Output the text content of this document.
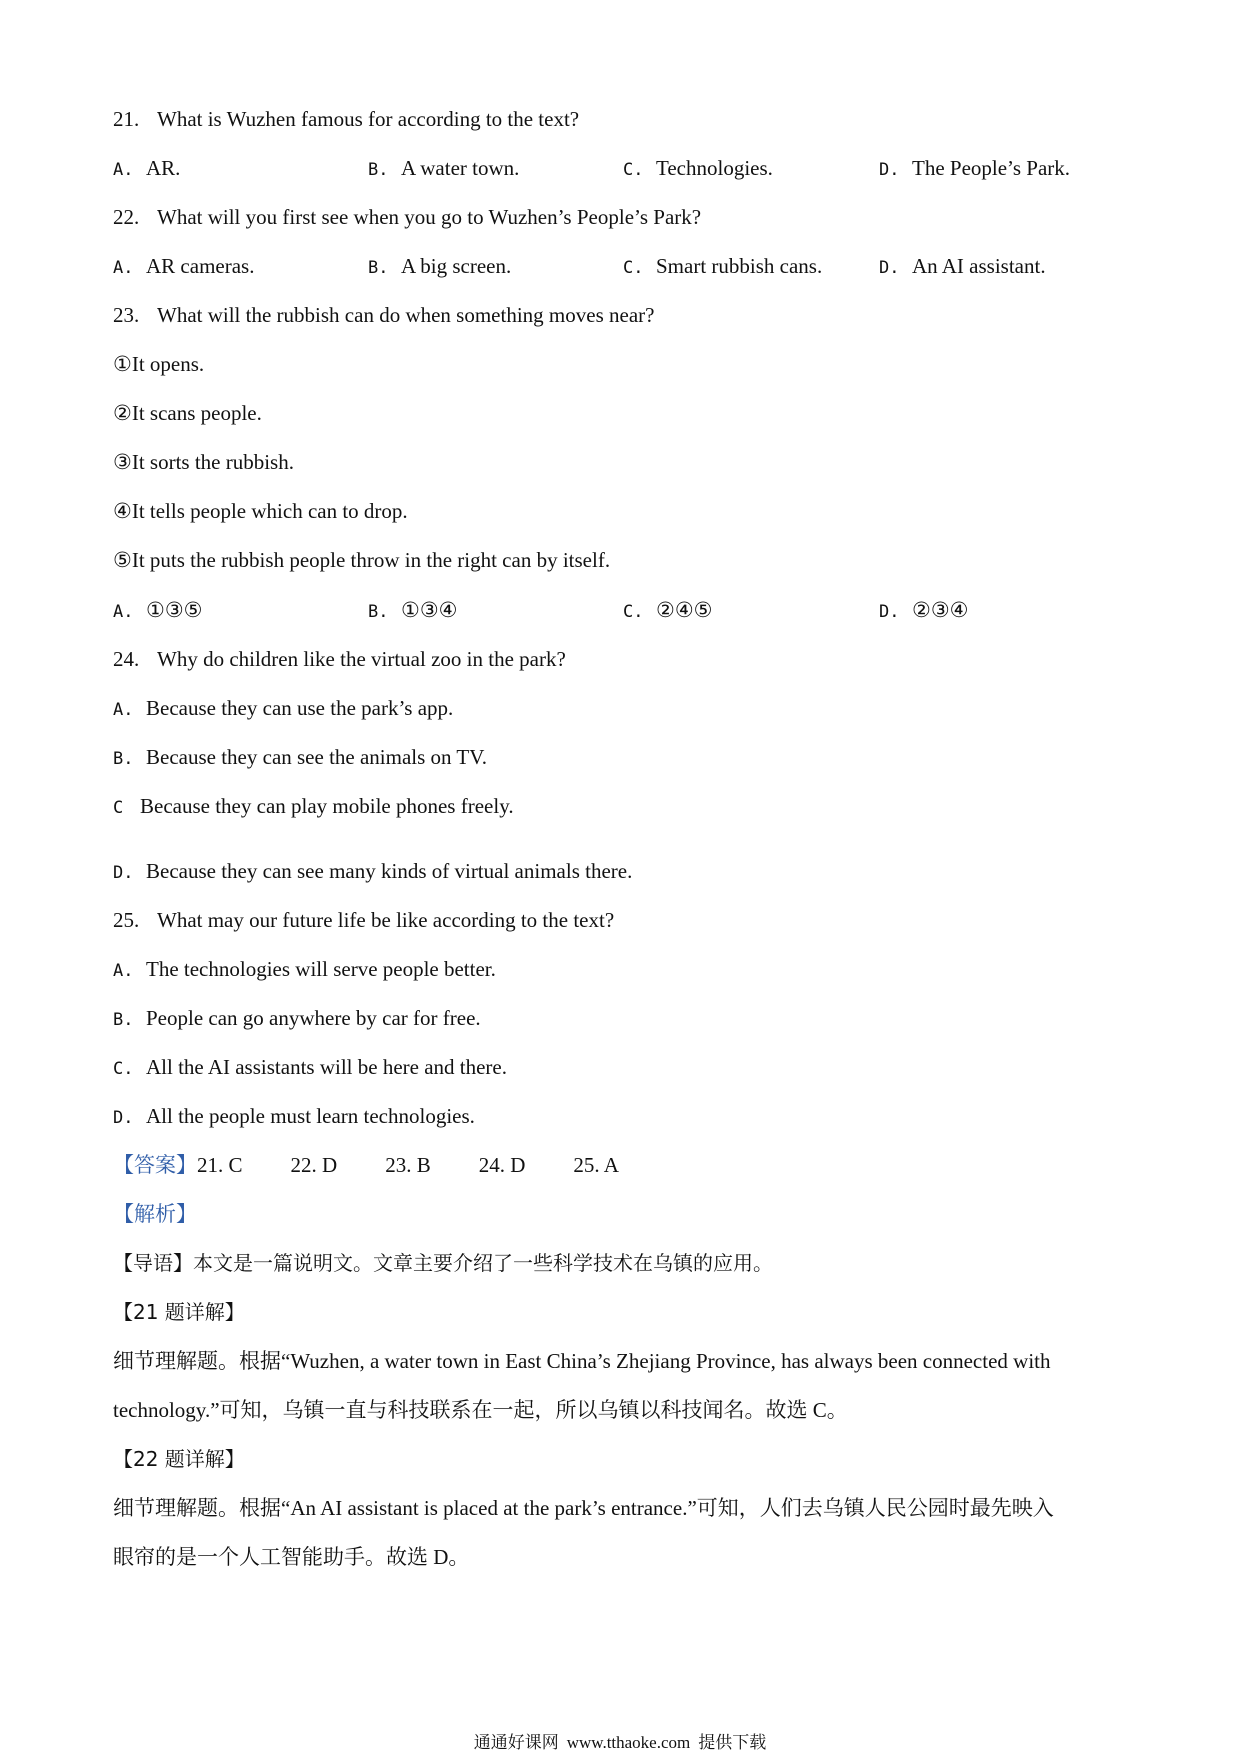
21. What is Wuzhen famous for according to the text?
A. AR.	B. A water town.	C. Technologies.	D. The People’s Park.
22. What will you first see when you go to Wuzhen’s People’s Park?
A. AR cameras.	B. A big screen.	C. Smart rubbish cans.	D. An AI assistant.
23. What will the rubbish can do when something moves near?
①It opens.
②It scans people.
③It sorts the rubbish.
④It tells people which can to drop.
⑤It puts the rubbish people throw in the right can by itself.
A. ①③⑤	B. ①③④	C. ②④⑤	D. ②③④
24. Why do children like the virtual zoo in the park?
A. Because they can use the park’s app.
B. Because they can see the animals on TV.
C Because they can play mobile phones freely.
D. Because they can see many kinds of virtual animals there.
25. What may our future life be like according to the text?
A. The technologies will serve people better.
B. People can go anywhere by car for free.
C. All the AI assistants will be here and there.
D. All the people must learn technologies.
【答案】21. C 22. D 23. B 24. D 25. A
【解析】
【导语】本文是一篇说明文。文章主要介绍了一些科学技术在乌镇的应用。
【21 题详解】
细节理解题。根据“Wuzhen, a water town in East China’s Zhejiang Province, has always been connected with
technology.”可知，乌镇一直与科技联系在一起，所以乌镇以科技闻名。故选 C。
【22 题详解】
细节理解题。根据“An AI assistant is placed at the park’s entrance.”可知，人们去乌镇人民公园时最先映入
眼帘的是一个人工智能助手。故选 D。
通通好课网 www.tthaoke.com 提供下载
